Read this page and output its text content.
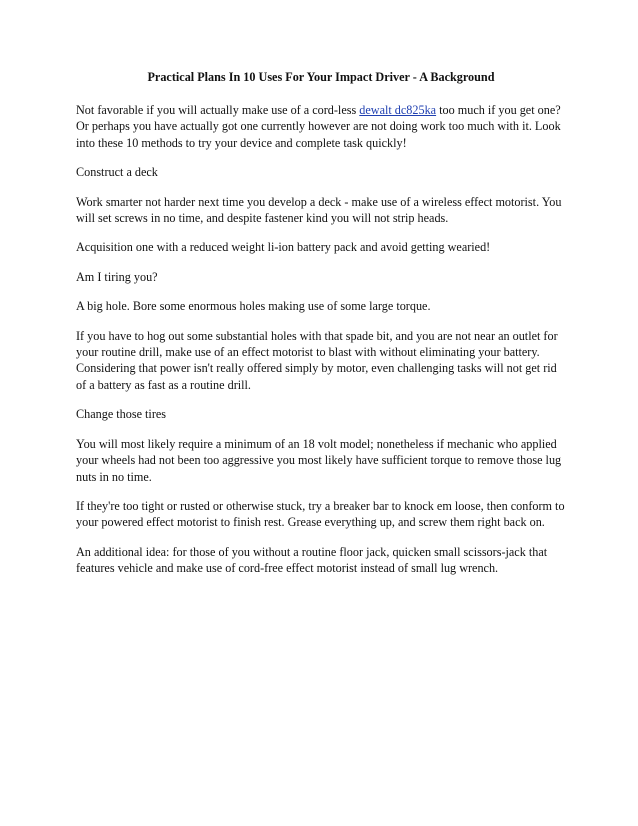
Practical Plans In 10 Uses For Your Impact Driver - A Background

Not favorable if you will actually make use of a cord-less dewalt dc825ka too much if you get one? Or perhaps you have actually got one currently however are not doing work too much with it. Look into these 10 methods to try your device and complete task quickly!

Construct a deck

Work smarter not harder next time you develop a deck - make use of a wireless effect motorist. You will set screws in no time, and despite fastener kind you will not strip heads.

Acquisition one with a reduced weight li-ion battery pack and avoid getting wearied!

Am I tiring you?

A big hole. Bore some enormous holes making use of some large torque.

If you have to hog out some substantial holes with that spade bit, and you are not near an outlet for your routine drill, make use of an effect motorist to blast with without eliminating your battery. Considering that power isn't really offered simply by motor, even challenging tasks will not get rid of a battery as fast as a routine drill.

Change those tires

You will most likely require a minimum of an 18 volt model; nonetheless if mechanic who applied your wheels had not been too aggressive you most likely have sufficient torque to remove those lug nuts in no time.

If they're too tight or rusted or otherwise stuck, try a breaker bar to knock em loose, then conform to your powered effect motorist to finish rest. Grease everything up, and screw them right back on.

An additional idea: for those of you without a routine floor jack, quicken small scissors-jack that features vehicle and make use of cord-free effect motorist instead of small lug wrench.
